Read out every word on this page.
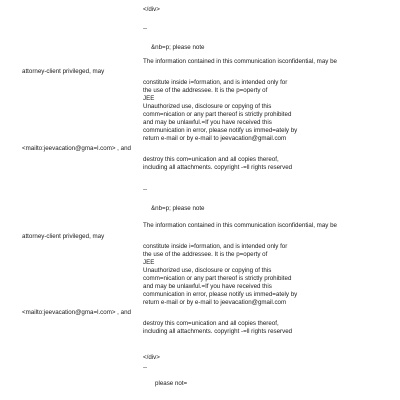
</div>
--
&nb=p; please note
The information contained in this communication isconfidential, may be
attorney-client privileged, may
constitute inside i=formation, and is intended only for
the use of the addressee. It is the p=operty of
JEE
Unauthorized use, disclosure or copying of this
comm=nication or any part thereof is strictly prohibited
and may be unlawful.=If you have received this
communication in error, please notify us immed=ately by
return e-mail or by e-mail to jeevacation@gmail.com
<mailto:jeevacation@gma=l.com> , and
destroy this com=unication and all copies thereof,
including all attachments. copyright -=ll rights reserved
--
&nb=p; please note
The information contained in this communication isconfidential, may be
attorney-client privileged, may
constitute inside i=formation, and is intended only for
the use of the addressee. It is the p=operty of
JEE
Unauthorized use, disclosure or copying of this
comm=nication or any part thereof is strictly prohibited
and may be unlawful.=If you have received this
communication in error, please notify us immed=ately by
return e-mail or by e-mail to jeevacation@gmail.com
<mailto:jeevacation@gma=l.com> , and
destroy this com=unication and all copies thereof,
including all attachments. copyright -=ll rights reserved
</div>
--
please not=
